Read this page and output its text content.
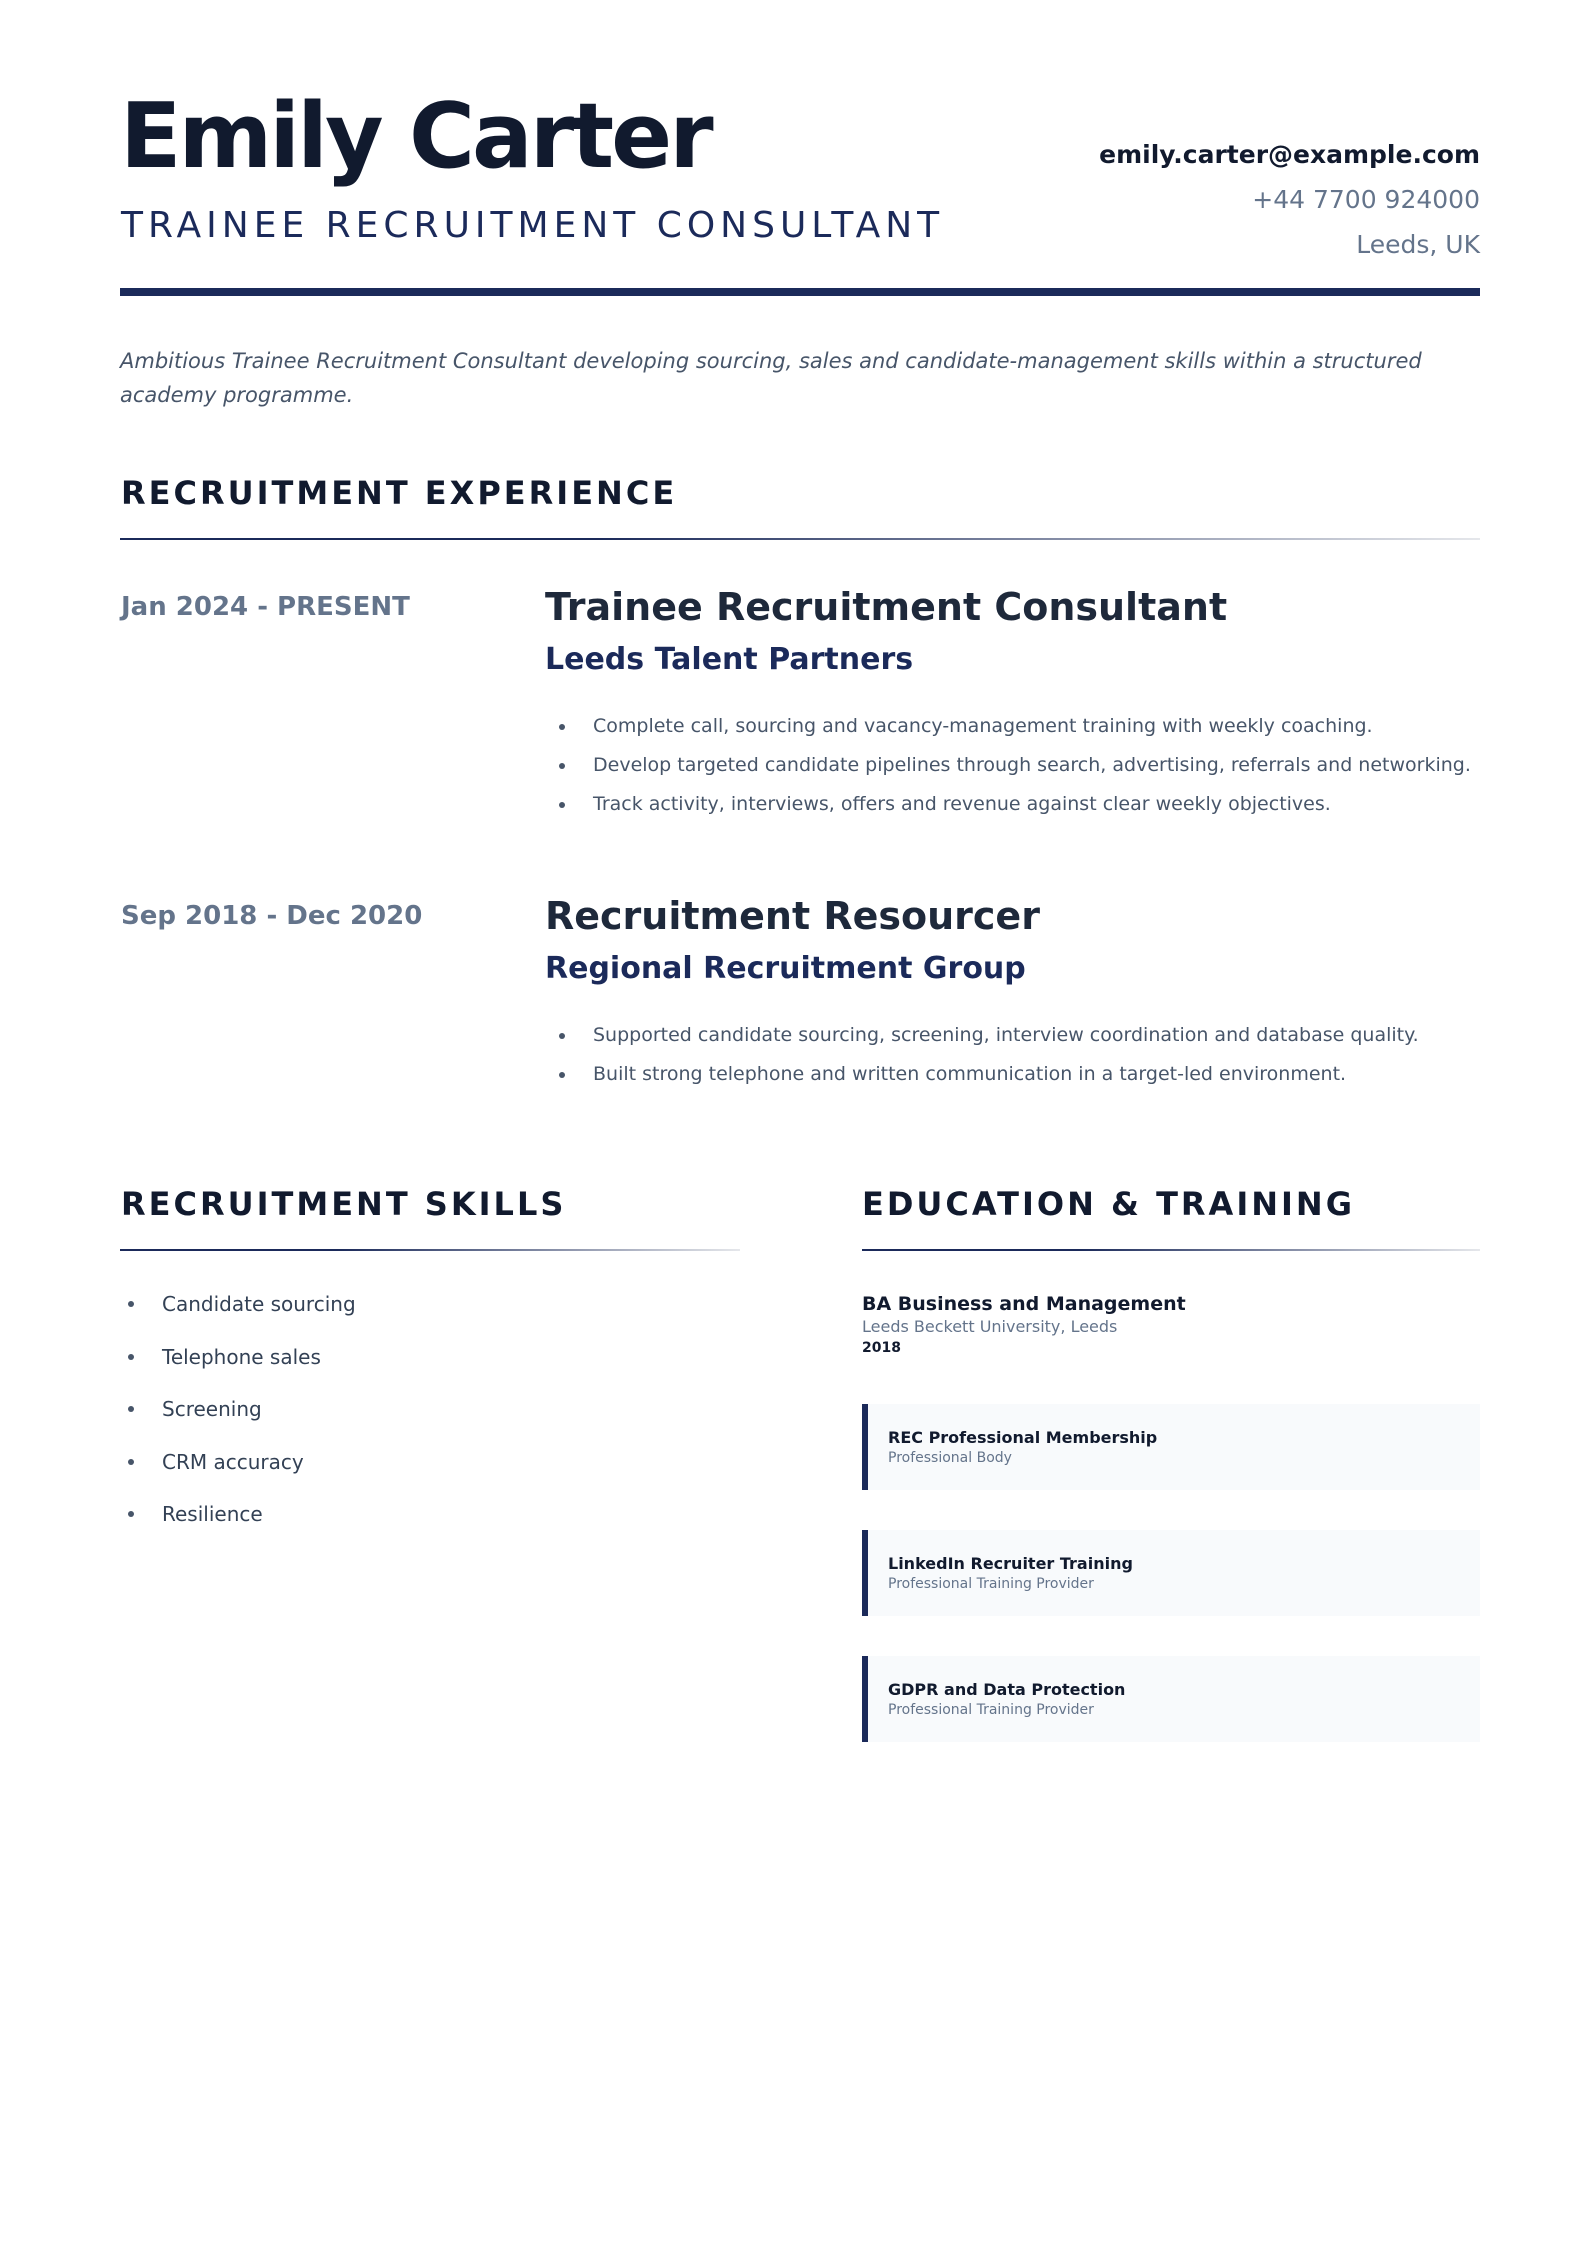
Emily Carter
TRAINEE RECRUITMENT CONSULTANT
emily.carter@example.com
+44 7700 924000
Leeds, UK
Ambitious Trainee Recruitment Consultant developing sourcing, sales and candidate-management skills within a structured academy programme.
RECRUITMENT EXPERIENCE
Jan 2024 - PRESENT	Trainee Recruitment Consultant
Leeds Talent Partners
Complete call, sourcing and vacancy-management training with weekly coaching.
Develop targeted candidate pipelines through search, advertising, referrals and networking.
Track activity, interviews, offers and revenue against clear weekly objectives.
Sep 2018 - Dec 2020	Recruitment Resourcer
Regional Recruitment Group
Supported candidate sourcing, screening, interview coordination and database quality.
Built strong telephone and written communication in a target-led environment.
RECRUITMENT SKILLS
Candidate sourcing
Telephone sales
Screening
CRM accuracy
Resilience
EDUCATION & TRAINING
BA Business and Management
Leeds Beckett University, Leeds
2018
REC Professional Membership
Professional Body
LinkedIn Recruiter Training
Professional Training Provider
GDPR and Data Protection
Professional Training Provider
